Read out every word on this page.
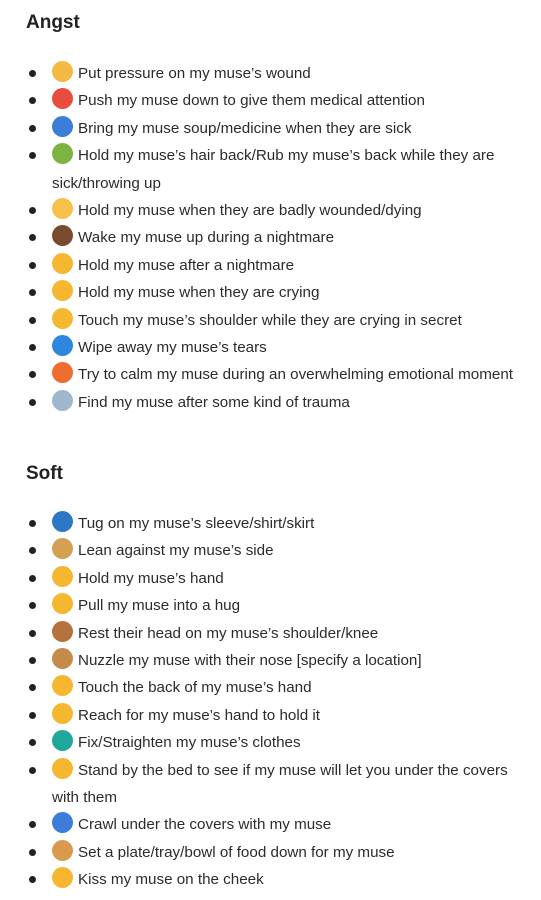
Angst
Put pressure on my muse’s wound
Push my muse down to give them medical attention
Bring my muse soup/medicine when they are sick
Hold my muse’s hair back/Rub my muse’s back while they are sick/throwing up
Hold my muse when they are badly wounded/dying
Wake my muse up during a nightmare
Hold my muse after a nightmare
Hold my muse when they are crying
Touch my muse’s shoulder while they are crying in secret
Wipe away my muse’s tears
Try to calm my muse during an overwhelming emotional moment
Find my muse after some kind of trauma
Soft
Tug on my muse’s sleeve/shirt/skirt
Lean against my muse’s side
Hold my muse’s hand
Pull my muse into a hug
Rest their head on my muse’s shoulder/knee
Nuzzle my muse with their nose [specify a location]
Touch the back of my muse’s hand
Reach for my muse’s hand to hold it
Fix/Straighten my muse’s clothes
Stand by the bed to see if my muse will let you under the covers with them
Crawl under the covers with my muse
Set a plate/tray/bowl of food down for my muse
Kiss my muse on the cheek
